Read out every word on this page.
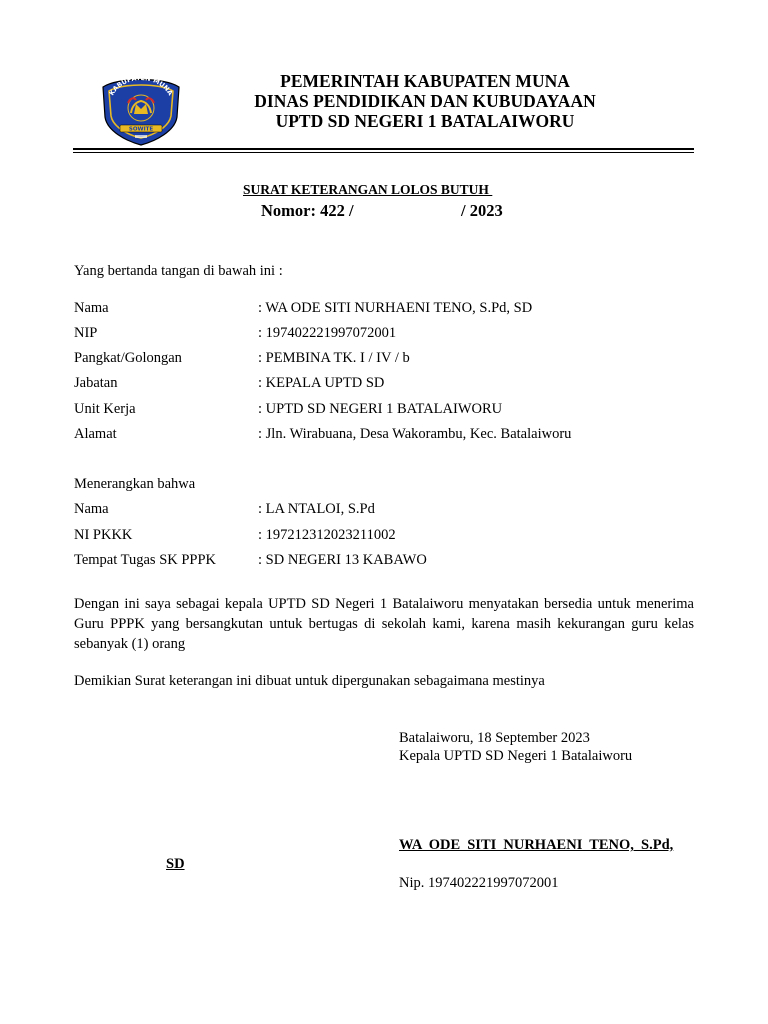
KABUPATEN MUNA
SOWITE
PEMERINTAH KABUPATEN MUNA
DINAS PENDIDIKAN DAN KUBUDAYAAN
UPTD SD NEGERI 1 BATALAIWORU
SURAT KETERANGAN LOLOS BUTUH
Nomor: 422 /	/ 2023
Yang bertanda tangan di bawah ini :
Nama	: WA ODE SITI NURHAENI TENO, S.Pd, SD
NIP	: 197402221997072001
Pangkat/Golongan	: PEMBINA TK. I / IV / b
Jabatan	: KEPALA UPTD SD
Unit Kerja	: UPTD SD NEGERI 1 BATALAIWORU
Alamat	: Jln. Wirabuana, Desa Wakorambu, Kec. Batalaiworu
Menerangkan bahwa
Nama	: LA NTALOI, S.Pd
NI PKKK	: 197212312023211002
Tempat Tugas SK PPPK	: SD NEGERI 13 KABAWO
Dengan ini saya sebagai kepala UPTD SD Negeri 1 Batalaiworu menyatakan bersedia untuk menerima Guru PPPK yang bersangkutan untuk bertugas di sekolah kami, karena masih kekurangan guru kelas sebanyak (1) orang
Demikian Surat keterangan ini dibuat untuk dipergunakan sebagaimana mestinya
Batalaiworu, 18 September 2023
Kepala UPTD SD Negeri 1 Batalaiworu
WA ODE SITI NURHAENI TENO, S.Pd,
SD
Nip. 197402221997072001
